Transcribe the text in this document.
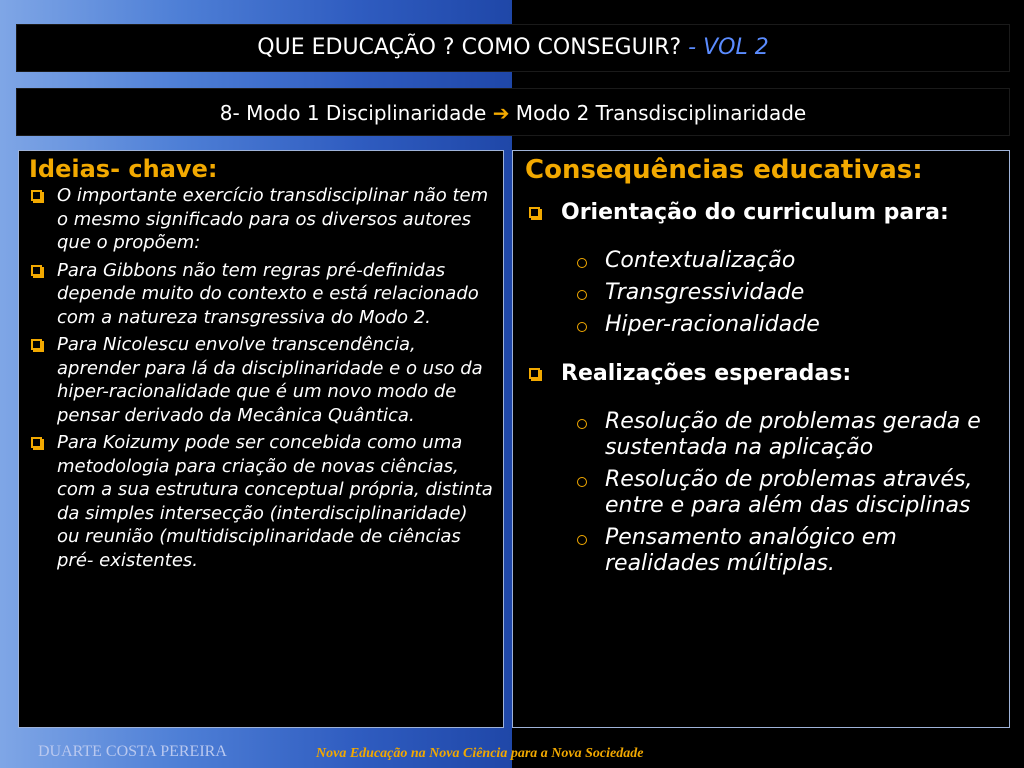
QUE EDUCAÇÃO ? COMO CONSEGUIR? - VOL 2
8- Modo 1 Disciplinaridade ➔ Modo 2 Transdisciplinaridade

Ideias- chave:

O importante exercício transdisciplinar não tem o mesmo significado para os diversos autores que o propõem:
Para Gibbons não tem regras pré-definidas depende muito do contexto e está relacionado com a natureza transgressiva do Modo 2.
Para Nicolescu envolve transcendência, aprender para lá da disciplinaridade e o uso da hiper-racionalidade que é um novo modo de pensar derivado da Mecânica Quântica.
Para Koizumy pode ser concebida como uma metodologia para criação de novas ciências, com a sua estrutura conceptual própria, distinta da simples intersecção (interdisciplinaridade) ou reunião (multidisciplinaridade de ciências pré- existentes.

Consequências educativas:

Orientação do curriculum para:
Contextualização
Transgressividade
Hiper-racionalidade
Realizações esperadas:
Resolução de problemas gerada e sustentada na aplicação
Resolução de problemas através, entre e para além das disciplinas
Pensamento analógico em realidades múltiplas.
DUARTE COSTA PEREIRA	Nova Educação na Nova Ciência para a Nova Sociedade
